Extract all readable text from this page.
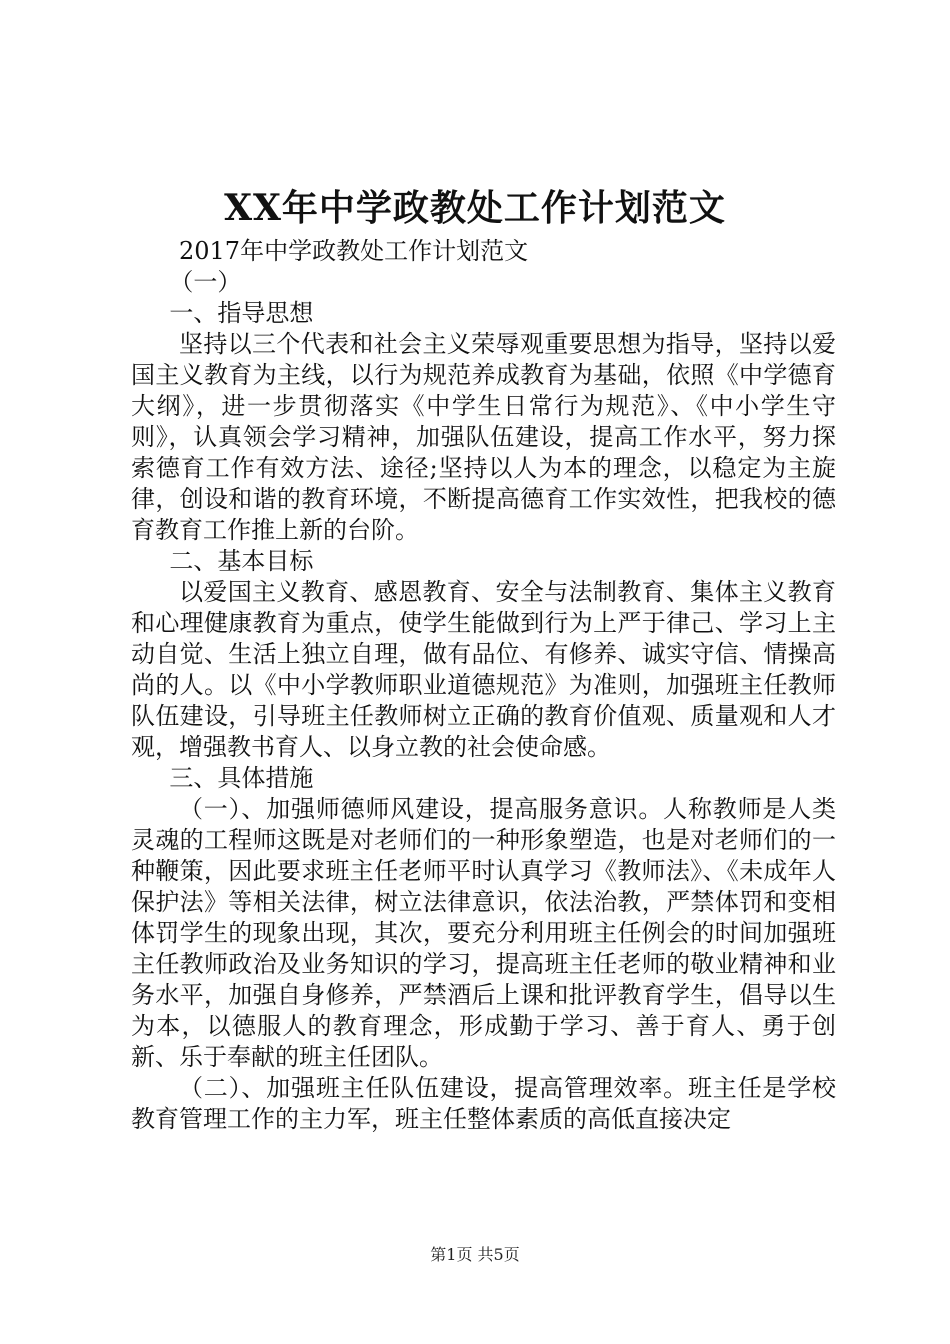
XX年中学政教处工作计划范文

2017年中学政教处工作计划范文

（一）

一、指导思想

坚持以三个代表和社会主义荣辱观重要思想为指导，坚持以爱国主义教育为主线，以行为规范养成教育为基础，依照《中学德育大纲》，进一步贯彻落实《中学生日常行为规范》、《中小学生守则》，认真领会学习精神，加强队伍建设，提高工作水平，努力探索德育工作有效方法、途径;坚持以人为本的理念，以稳定为主旋律，创设和谐的教育环境，不断提高德育工作实效性，把我校的德育教育工作推上新的台阶。

二、基本目标

以爱国主义教育、感恩教育、安全与法制教育、集体主义教育和心理健康教育为重点，使学生能做到行为上严于律己、学习上主动自觉、生活上独立自理，做有品位、有修养、诚实守信、情操高尚的人。以《中小学教师职业道德规范》为准则，加强班主任教师队伍建设，引导班主任教师树立正确的教育价值观、质量观和人才观，增强教书育人、以身立教的社会使命感。

三、具体措施

（一）、加强师德师风建设，提高服务意识。人称教师是人类灵魂的工程师这既是对老师们的一种形象塑造，也是对老师们的一种鞭策，因此要求班主任老师平时认真学习《教师法》、《未成年人保护法》等相关法律，树立法律意识，依法治教，严禁体罚和变相体罚学生的现象出现，其次，要充分利用班主任例会的时间加强班主任教师政治及业务知识的学习，提高班主任老师的敬业精神和业务水平，加强自身修养，严禁酒后上课和批评教育学生，倡导以生为本，以德服人的教育理念，形成勤于学习、善于育人、勇于创新、乐于奉献的班主任团队。

（二）、加强班主任队伍建设，提高管理效率。班主任是学校教育管理工作的主力军，班主任整体素质的高低直接决定

第1页 共5页
